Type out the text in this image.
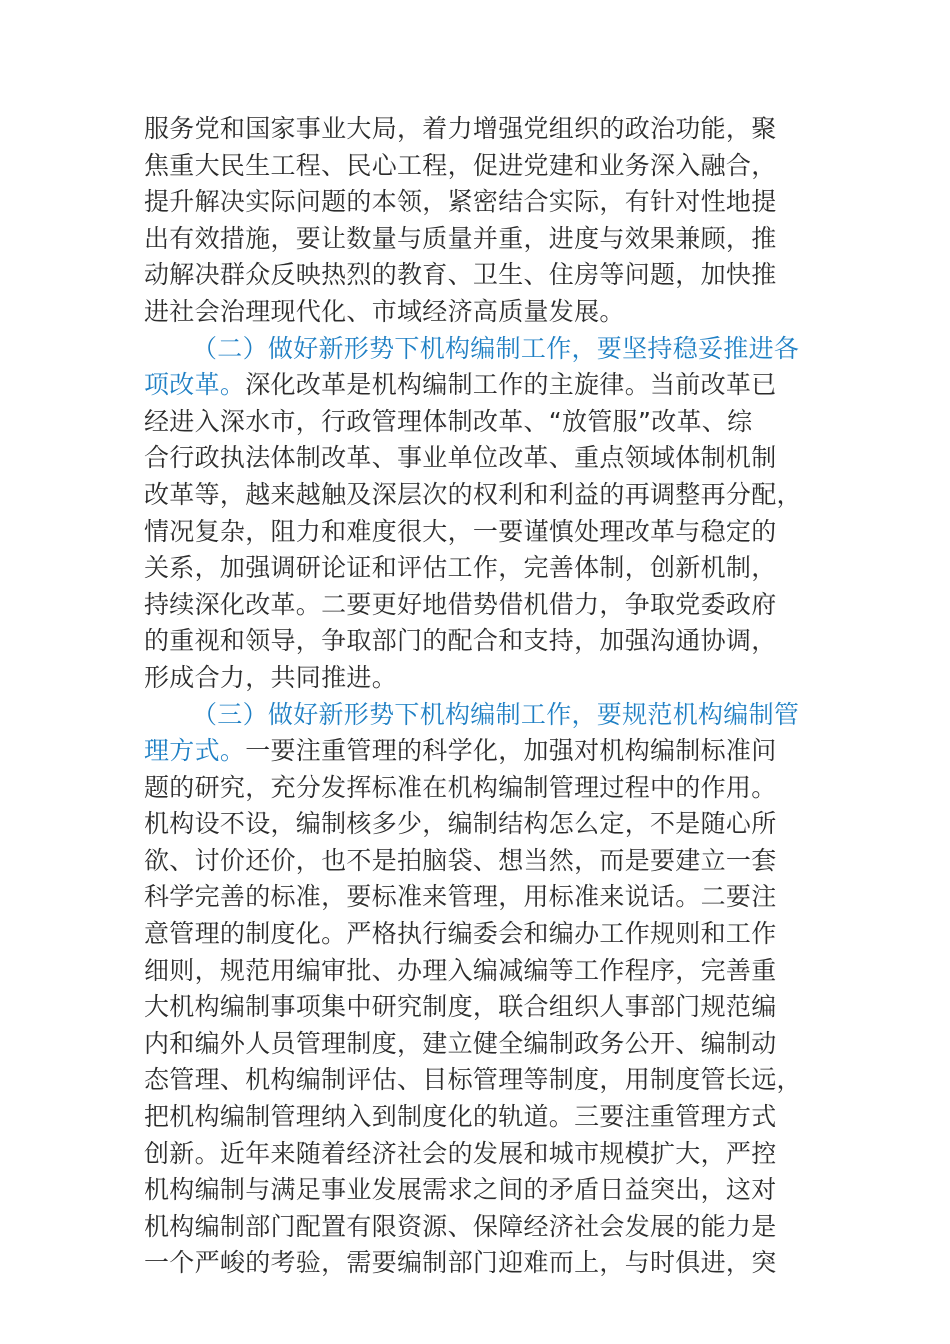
服务党和国家事业大局，着力增强党组织的政治功能，聚
焦重大民生工程、民心工程，促进党建和业务深入融合，
提升解决实际问题的本领，紧密结合实际，有针对性地提
出有效措施，要让数量与质量并重，进度与效果兼顾，推
动解决群众反映热烈的教育、卫生、住房等问题，加快推
进社会治理现代化、市域经济高质量发展。
（二）做好新形势下机构编制工作，要坚持稳妥推进各
项改革。深化改革是机构编制工作的主旋律。当前改革已
经进入深水市，行政管理体制改革、“放管服”改革、综
合行政执法体制改革、事业单位改革、重点领域体制机制
改革等，越来越触及深层次的权利和利益的再调整再分配，
情况复杂，阻力和难度很大，一要谨慎处理改革与稳定的
关系，加强调研论证和评估工作，完善体制，创新机制，
持续深化改革。二要更好地借势借机借力，争取党委政府
的重视和领导，争取部门的配合和支持，加强沟通协调，
形成合力，共同推进。
（三）做好新形势下机构编制工作，要规范机构编制管
理方式。一要注重管理的科学化，加强对机构编制标准问
题的研究，充分发挥标准在机构编制管理过程中的作用。
机构设不设，编制核多少，编制结构怎么定，不是随心所
欲、讨价还价，也不是拍脑袋、想当然，而是要建立一套
科学完善的标准，要标准来管理，用标准来说话。二要注
意管理的制度化。严格执行编委会和编办工作规则和工作
细则，规范用编审批、办理入编减编等工作程序，完善重
大机构编制事项集中研究制度，联合组织人事部门规范编
内和编外人员管理制度，建立健全编制政务公开、编制动
态管理、机构编制评估、目标管理等制度，用制度管长远，
把机构编制管理纳入到制度化的轨道。三要注重管理方式
创新。近年来随着经济社会的发展和城市规模扩大，严控
机构编制与满足事业发展需求之间的矛盾日益突出，这对
机构编制部门配置有限资源、保障经济社会发展的能力是
一个严峻的考验，需要编制部门迎难而上，与时俱进，突
